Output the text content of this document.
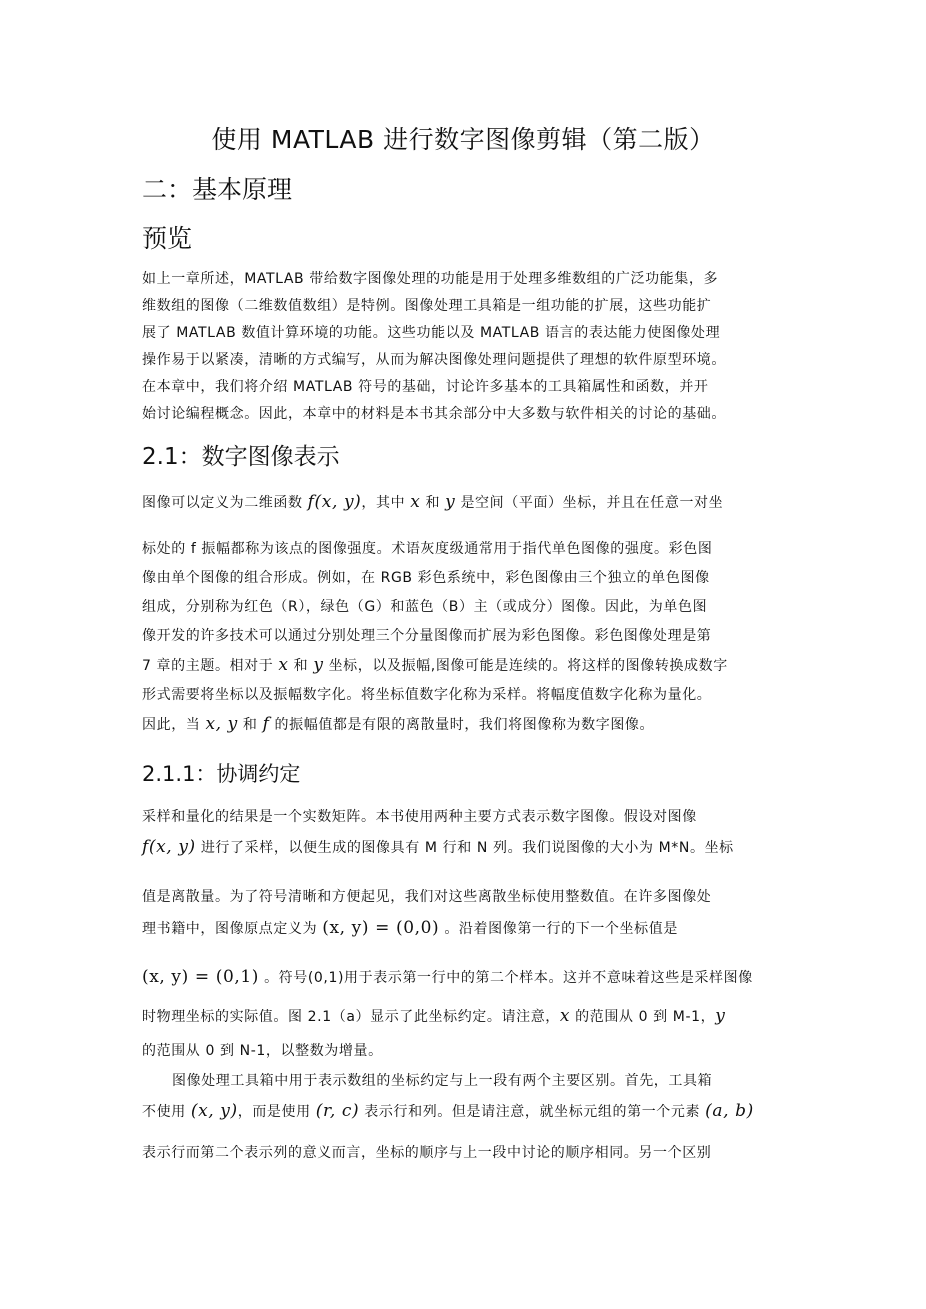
使用 MATLAB 进行数字图像剪辑（第二版）
二：基本原理
预览

如上一章所述，MATLAB 带给数字图像处理的功能是用于处理多维数组的广泛功能集，多

维数组的图像（二维数值数组）是特例。图像处理工具箱是一组功能的扩展，这些功能扩

展了 MATLAB 数值计算环境的功能。这些功能以及 MATLAB 语言的表达能力使图像处理

操作易于以紧凑，清晰的方式编写，从而为解决图像处理问题提供了理想的软件原型环境。

在本章中，我们将介绍 MATLAB 符号的基础，讨论许多基本的工具箱属性和函数，并开

始讨论编程概念。因此，本章中的材料是本书其余部分中大多数与软件相关的讨论的基础。

2.1：数字图像表示

图像可以定义为二维函数 f(x, y)，其中 x 和 y 是空间（平面）坐标，并且在任意一对坐

标处的 f 振幅都称为该点的图像强度。术语灰度级通常用于指代单色图像的强度。彩色图

像由单个图像的组合形成。例如，在 RGB 彩色系统中，彩色图像由三个独立的单色图像

组成，分别称为红色（R），绿色（G）和蓝色（B）主（或成分）图像。因此，为单色图

像开发的许多技术可以通过分别处理三个分量图像而扩展为彩色图像。彩色图像处理是第

7 章的主题。相对于 x 和 y 坐标，以及振幅,图像可能是连续的。将这样的图像转换成数字

形式需要将坐标以及振幅数字化。将坐标值数字化称为采样。将幅度值数字化称为量化。

因此，当 x, y 和 f 的振幅值都是有限的离散量时，我们将图像称为数字图像。

2.1.1：协调约定

采样和量化的结果是一个实数矩阵。本书使用两种主要方式表示数字图像。假设对图像

f(x, y) 进行了采样，以便生成的图像具有 M 行和 N 列。我们说图像的大小为 M*N。坐标

值是离散量。为了符号清晰和方便起见，我们对这些离散坐标使用整数值。在许多图像处

理书籍中，图像原点定义为 (x, y) = (0,0) 。沿着图像第一行的下一个坐标值是

(x, y) = (0,1) 。符号(0,1)用于表示第一行中的第二个样本。这并不意味着这些是采样图像

时物理坐标的实际值。图 2.1（a）显示了此坐标约定。请注意，x 的范围从 0 到 M-1，y

的范围从 0 到 N-1，以整数为增量。

图像处理工具箱中用于表示数组的坐标约定与上一段有两个主要区别。首先，工具箱

不使用 (x, y)，而是使用 (r, c) 表示行和列。但是请注意，就坐标元组的第一个元素 (a, b)

表示行而第二个表示列的意义而言，坐标的顺序与上一段中讨论的顺序相同。另一个区别
